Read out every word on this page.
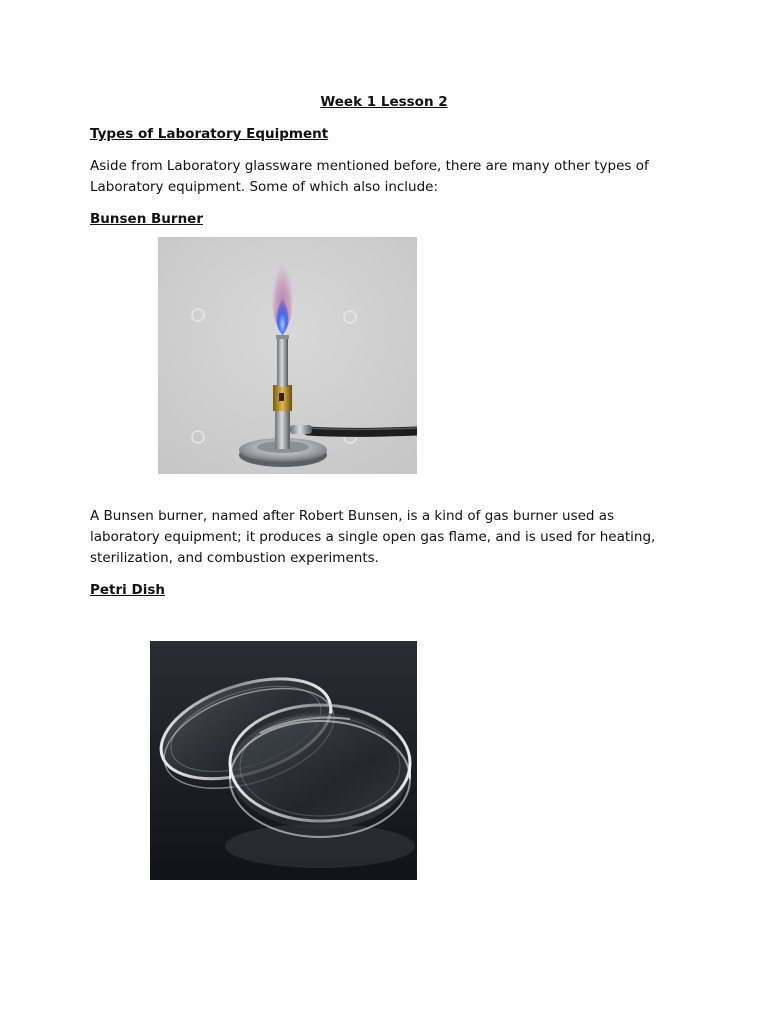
Week 1 Lesson 2
Types of Laboratory Equipment
Aside from Laboratory glassware mentioned before, there are many other types of Laboratory equipment. Some of which also include:
Bunsen Burner
A Bunsen burner, named after Robert Bunsen, is a kind of gas burner used as laboratory equipment; it produces a single open gas flame, and is used for heating, sterilization, and combustion experiments.
Petri Dish
